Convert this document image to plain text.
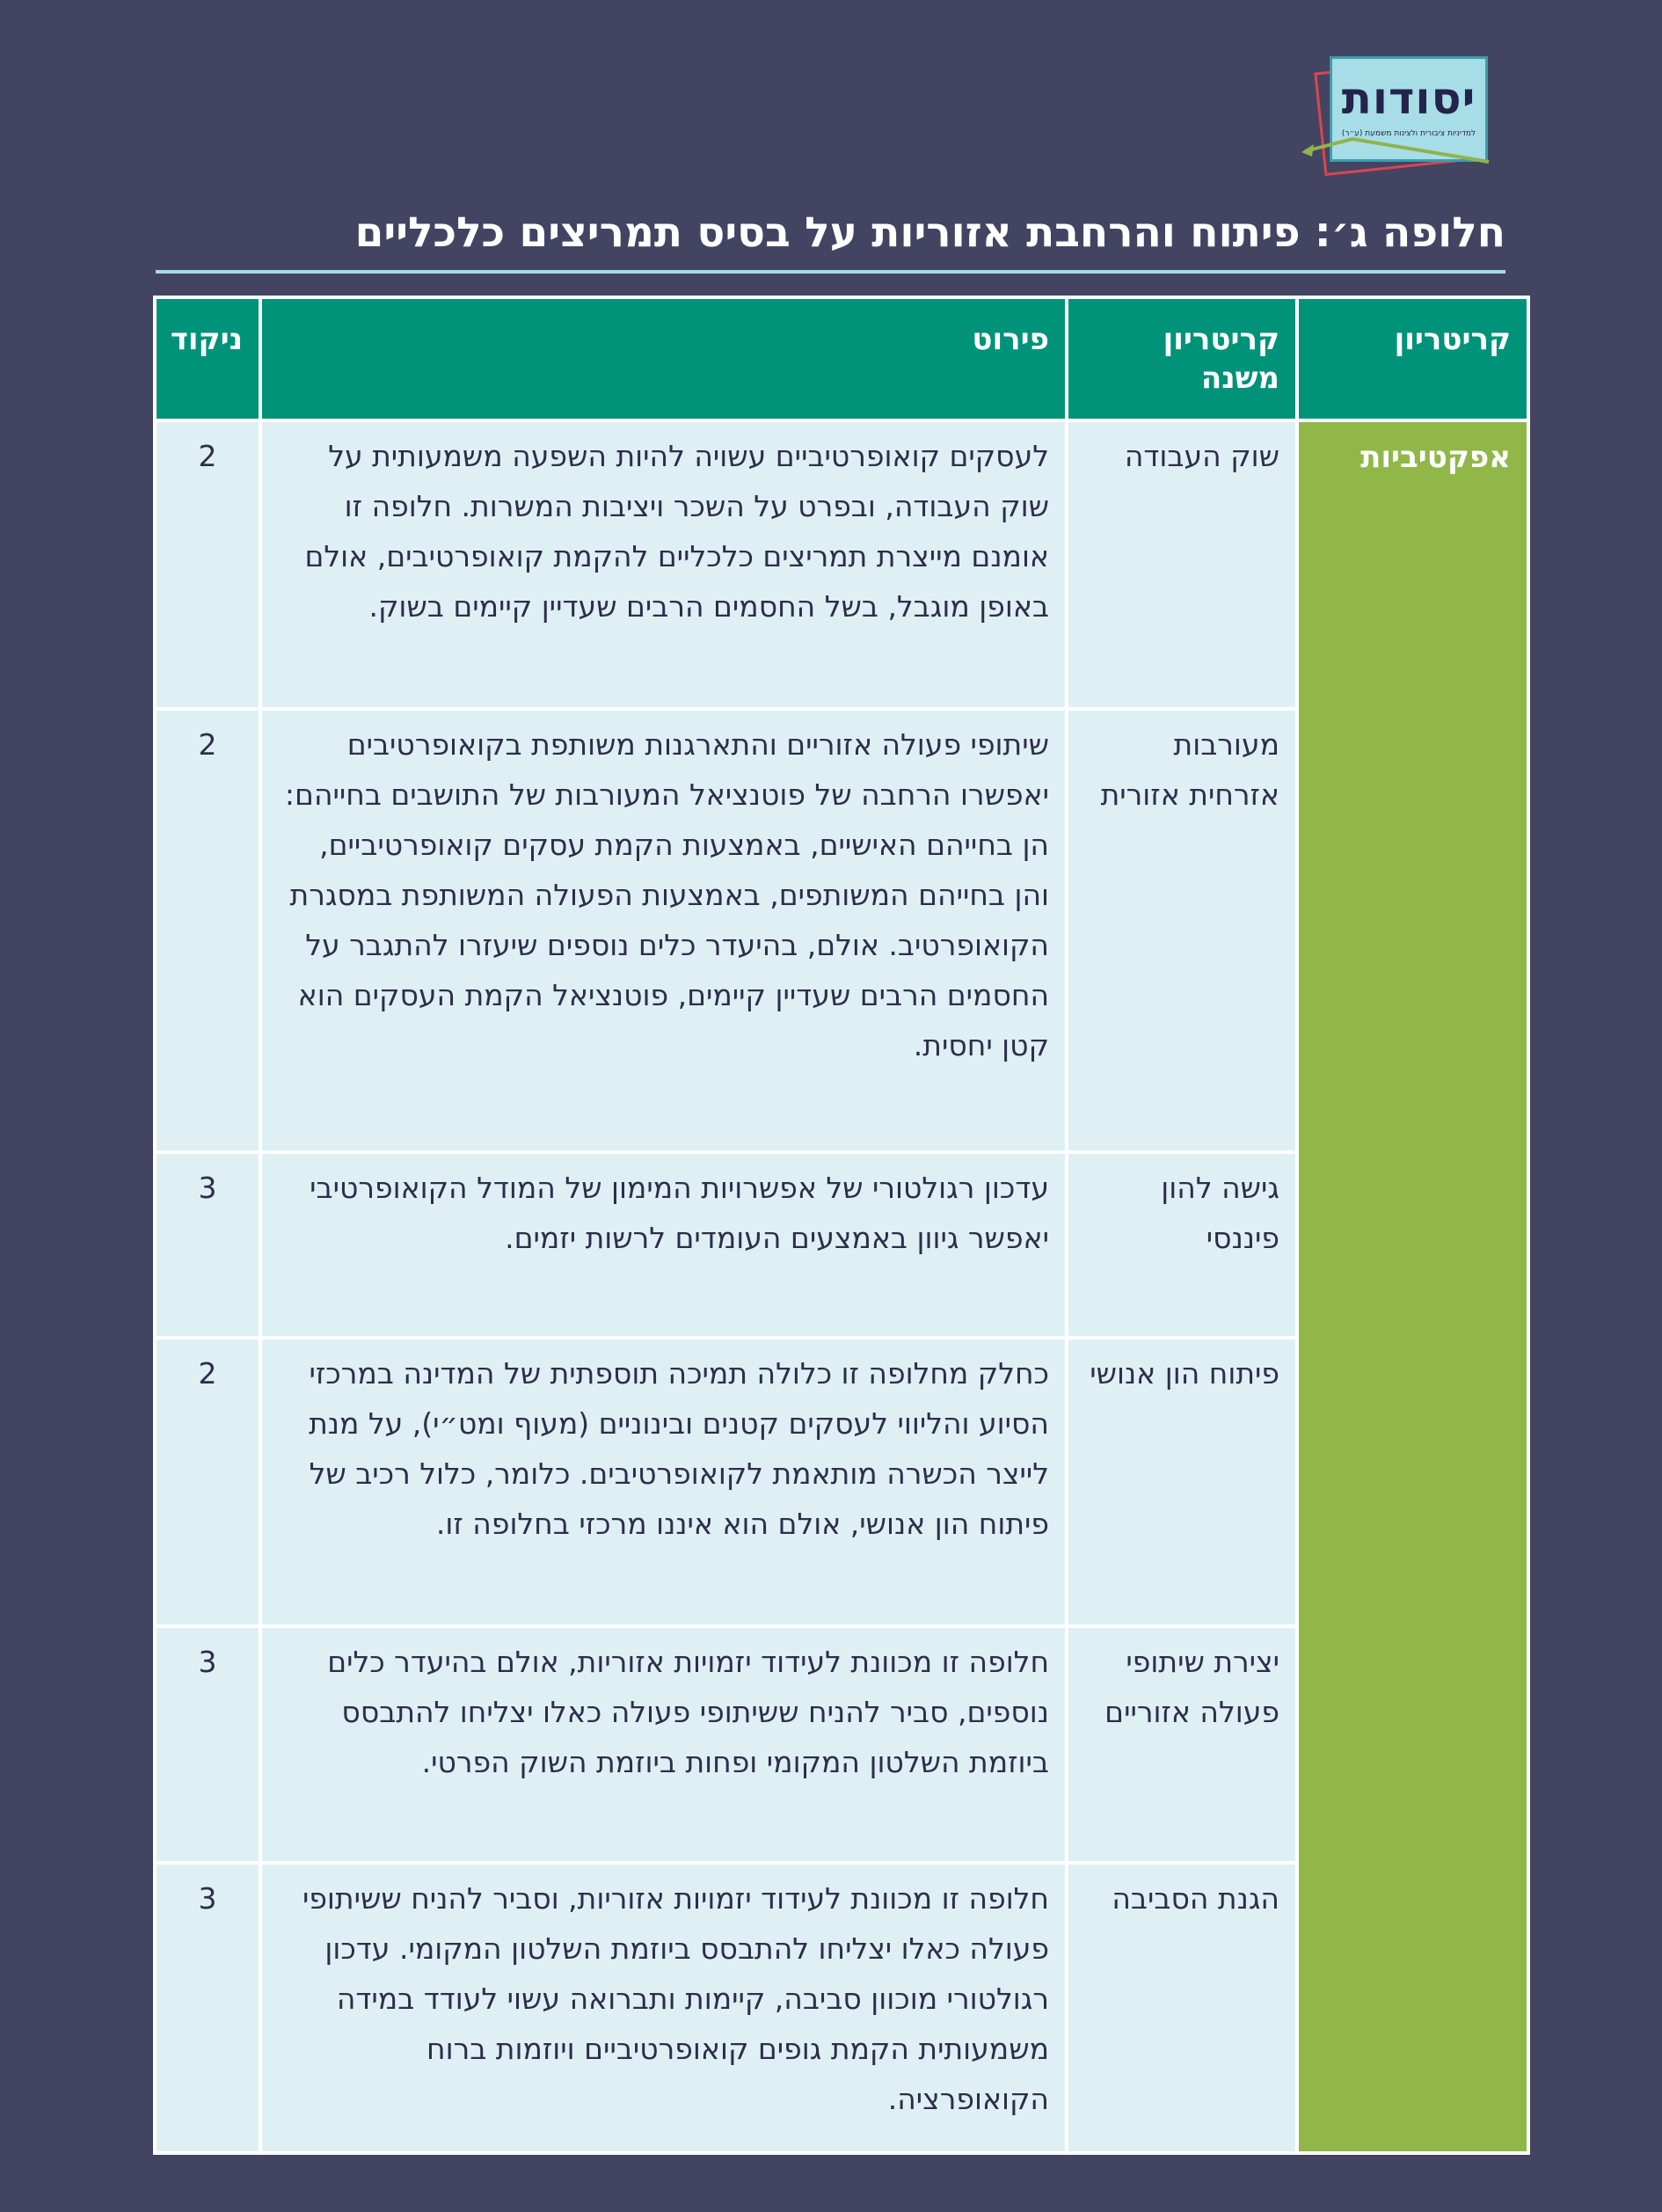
יסודות
למדיניות ציבורית ולצינות משמעת (ע״ר)
חלופה ג׳: פיתוח והרחבת אזוריות על בסיס תמריצים כלכליים
קריטריון	קריטריון משנה	פירוט	ניקוד
אפקטיביות	שוק העבודה	לעסקים קואופרטיביים עשויה להיות השפעה משמעותית על שוק העבודה, ובפרט על השכר ויציבות המשרות. חלופה זו אומנם מייצרת תמריצים כלכליים להקמת קואופרטיבים, אולם באופן מוגבל, בשל החסמים הרבים שעדיין קיימים בשוק.	2
	מעורבות אזרחית אזורית	שיתופי פעולה אזוריים והתארגנות משותפת בקואופרטיבים יאפשרו הרחבה של פוטנציאל המעורבות של התושבים בחייהם: הן בחייהם האישיים, באמצעות הקמת עסקים קואופרטיביים, והן בחייהם המשותפים, באמצעות הפעולה המשותפת במסגרת הקואופרטיב. אולם, בהיעדר כלים נוספים שיעזרו להתגבר על החסמים הרבים שעדיין קיימים, פוטנציאל הקמת העסקים הוא קטן יחסית.	2
	גישה להון פיננסי	עדכון רגולטורי של אפשרויות המימון של המודל הקואופרטיבי יאפשר גיוון באמצעים העומדים לרשות יזמים.	3
	פיתוח הון אנושי	כחלק מחלופה זו כלולה תמיכה תוספתית של המדינה במרכזי הסיוע והליווי לעסקים קטנים ובינוניים (מעוף ומט״י), על מנת לייצר הכשרה מותאמת לקואופרטיבים. כלומר, כלול רכיב של פיתוח הון אנושי, אולם הוא איננו מרכזי בחלופה זו.	2
	יצירת שיתופי פעולה אזוריים	חלופה זו מכוונת לעידוד יזמויות אזוריות, אולם בהיעדר כלים נוספים, סביר להניח ששיתופי פעולה כאלו יצליחו להתבסס ביוזמת השלטון המקומי ופחות ביוזמת השוק הפרטי.	3
	הגנת הסביבה	חלופה זו מכוונת לעידוד יזמויות אזוריות, וסביר להניח ששיתופי פעולה כאלו יצליחו להתבסס ביוזמת השלטון המקומי. עדכון רגולטורי מוכוון סביבה, קיימות ותברואה עשוי לעודד במידה משמעותית הקמת גופים קואופרטיביים ויוזמות ברוח הקואופרציה.	3
